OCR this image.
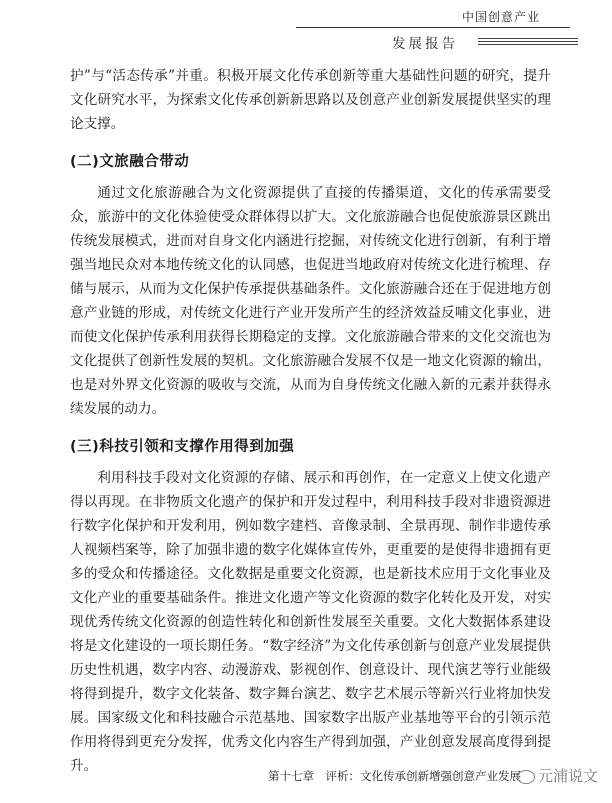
中国创意产业
发展报告

护”与“活态传承”并重。积极开展文化传承创新等重大基础性问题的研究，提升文化研究水平，为探索文化传承创新新思路以及创意产业创新发展提供坚实的理论支撑。

(二)文旅融合带动

通过文化旅游融合为文化资源提供了直接的传播渠道，文化的传承需要受众，旅游中的文化体验使受众群体得以扩大。文化旅游融合也促使旅游景区跳出传统发展模式，进而对自身文化内涵进行挖掘，对传统文化进行创新，有利于增强当地民众对本地传统文化的认同感，也促进当地政府对传统文化进行梳理、存储与展示，从而为文化保护传承提供基础条件。文化旅游融合还在于促进地方创意产业链的形成，对传统文化进行产业开发所产生的经济效益反哺文化事业，进而使文化保护传承利用获得长期稳定的支撑。文化旅游融合带来的文化交流也为文化提供了创新性发展的契机。文化旅游融合发展不仅是一地文化资源的输出，也是对外界文化资源的吸收与交流，从而为自身传统文化融入新的元素并获得永续发展的动力。

(三)科技引领和支撑作用得到加强

利用科技手段对文化资源的存储、展示和再创作，在一定意义上使文化遗产得以再现。在非物质文化遗产的保护和开发过程中，利用科技手段对非遗资源进行数字化保护和开发利用，例如数字建档、音像录制、全景再现、制作非遗传承人视频档案等，除了加强非遗的数字化媒体宣传外，更重要的是使得非遗拥有更多的受众和传播途径。文化数据是重要文化资源，也是新技术应用于文化事业及文化产业的重要基础条件。推进文化遗产等文化资源的数字化转化及开发，对实现优秀传统文化资源的创造性转化和创新性发展至关重要。文化大数据体系建设将是文化建设的一项长期任务。“数字经济”为文化传承创新与创意产业发展提供历史性机遇，数字内容、动漫游戏、影视创作、创意设计、现代演艺等行业能级将得到提升，数字文化装备、数字舞台演艺、数字艺术展示等新兴行业将加快发展。国家级文化和科技融合示范基地、国家数字出版产业基地等平台的引领示范作用将得到更充分发挥，优秀文化内容生产得到加强，产业创意发展高度得到提升。

第十七章　评析：文化传承创新增强创意产业发展	元浦说文
